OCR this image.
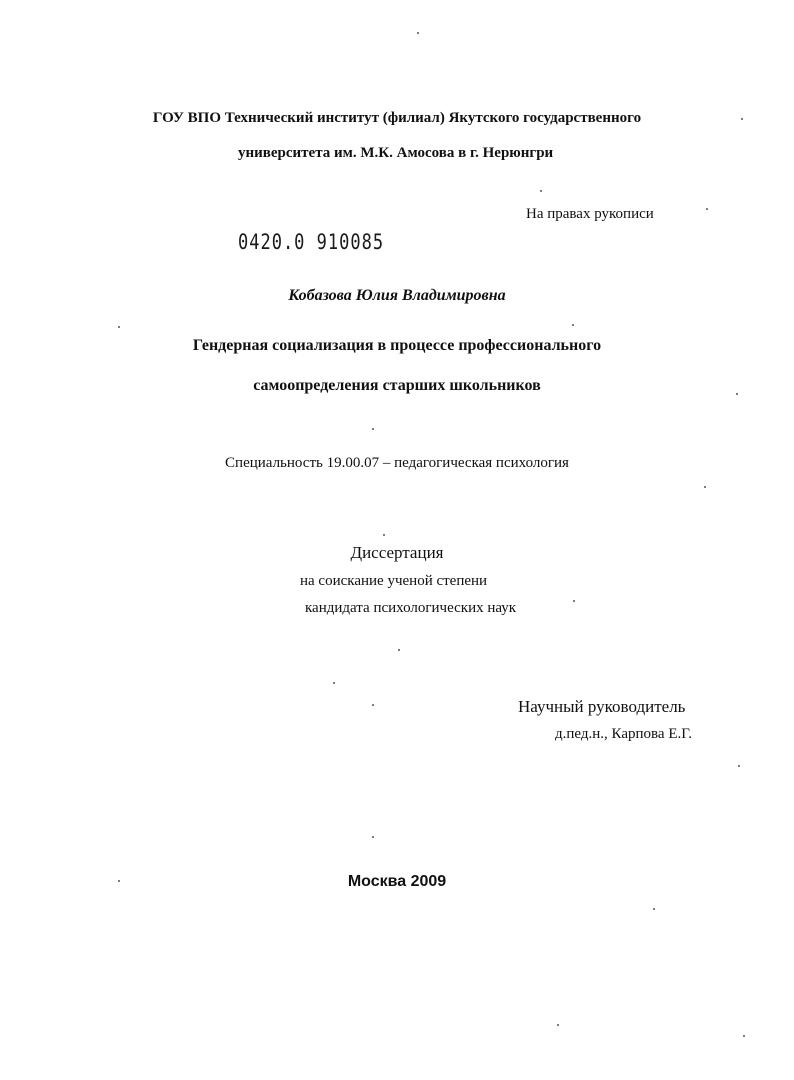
ГОУ ВПО Технический институт (филиал) Якутского государственного
университета им. М.К. Амосова в г. Нерюнгри
На правах рукописи
0420.0 910085
Кобазова Юлия Владимировна
Гендерная социализация в процессе профессионального
самоопределения старших школьников
Специальность 19.00.07 – педагогическая психология
Диссертация
на соискание ученой степени
кандидата психологических наук
Научный руководитель
д.пед.н., Карпова Е.Г.
Москва 2009
